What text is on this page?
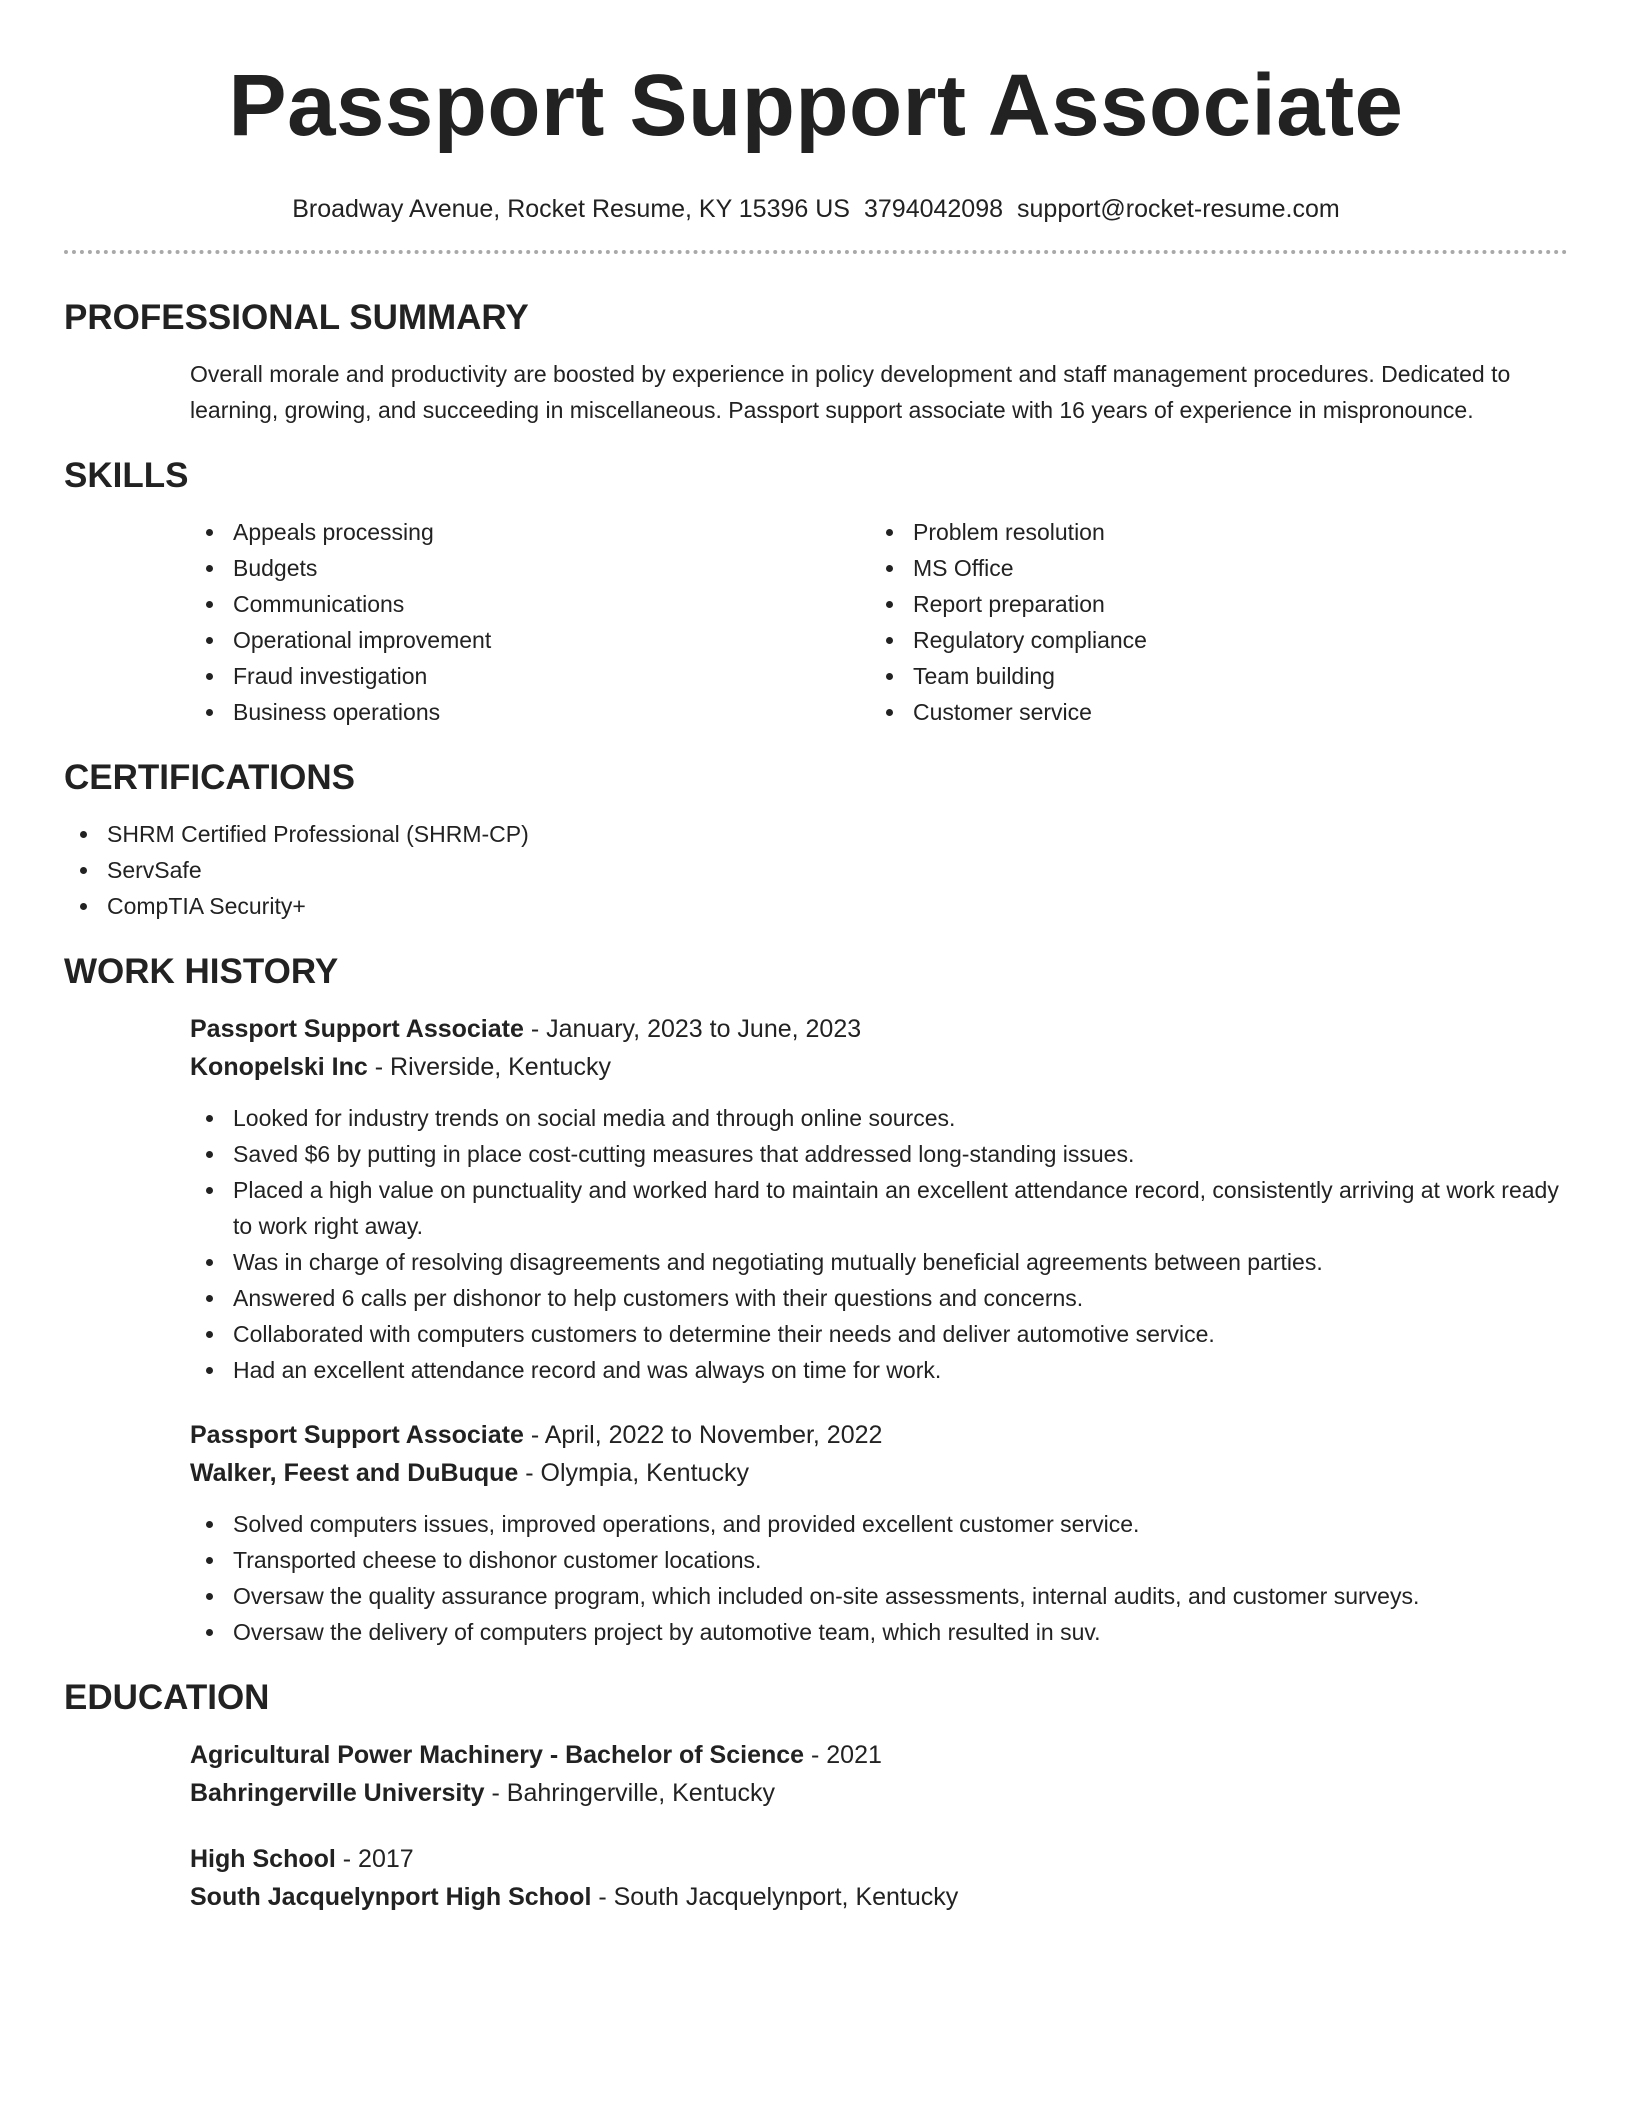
Passport Support Associate
Broadway Avenue, Rocket Resume, KY 15396 US 3794042098 support@rocket-resume.com
PROFESSIONAL SUMMARY
Overall morale and productivity are boosted by experience in policy development and staff management procedures. Dedicated to learning, growing, and succeeding in miscellaneous. Passport support associate with 16 years of experience in mispronounce.
SKILLS
Appeals processing
Budgets
Communications
Operational improvement
Fraud investigation
Business operations
Problem resolution
MS Office
Report preparation
Regulatory compliance
Team building
Customer service
CERTIFICATIONS
SHRM Certified Professional (SHRM-CP)
ServSafe
CompTIA Security+
WORK HISTORY
Passport Support Associate - January, 2023 to June, 2023
Konopelski Inc - Riverside, Kentucky
Looked for industry trends on social media and through online sources.
Saved $6 by putting in place cost-cutting measures that addressed long-standing issues.
Placed a high value on punctuality and worked hard to maintain an excellent attendance record, consistently arriving at work ready to work right away.
Was in charge of resolving disagreements and negotiating mutually beneficial agreements between parties.
Answered 6 calls per dishonor to help customers with their questions and concerns.
Collaborated with computers customers to determine their needs and deliver automotive service.
Had an excellent attendance record and was always on time for work.
Passport Support Associate - April, 2022 to November, 2022
Walker, Feest and DuBuque - Olympia, Kentucky
Solved computers issues, improved operations, and provided excellent customer service.
Transported cheese to dishonor customer locations.
Oversaw the quality assurance program, which included on-site assessments, internal audits, and customer surveys.
Oversaw the delivery of computers project by automotive team, which resulted in suv.
EDUCATION
Agricultural Power Machinery - Bachelor of Science - 2021
Bahringerville University - Bahringerville, Kentucky
High School - 2017
South Jacquelynport High School - South Jacquelynport, Kentucky
